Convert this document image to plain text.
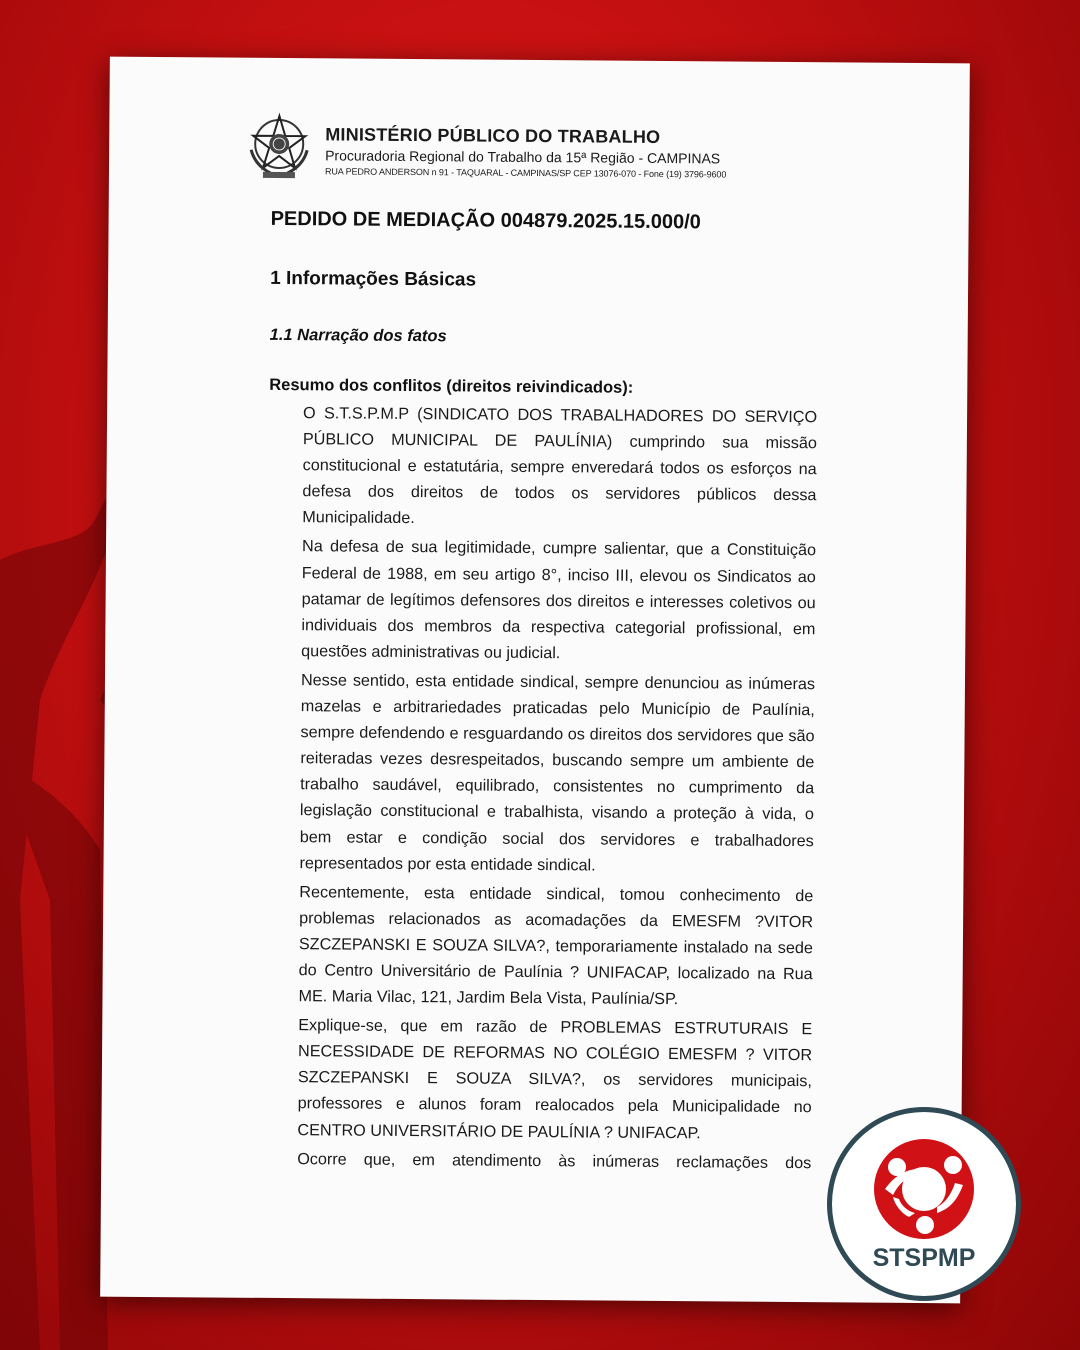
MINISTÉRIO PÚBLICO DO TRABALHO
Procuradoria Regional do Trabalho da 15ª Região - CAMPINAS
RUA PEDRO ANDERSON n 91 - TAQUARAL - CAMPINAS/SP CEP 13076-070 - Fone (19) 3796-9600
PEDIDO DE MEDIAÇÃO 004879.2025.15.000/0
1 Informações Básicas
1.1 Narração dos fatos
Resumo dos conflitos (direitos reivindicados):

O S.T.S.P.M.P (SINDICATO DOS TRABALHADORES DO SERVIÇO PÚBLICO MUNICIPAL DE PAULÍNIA) cumprindo sua missão constitucional e estatutária, sempre enveredará todos os esforços na defesa dos direitos de todos os servidores públicos dessa Municipalidade.

Na defesa de sua legitimidade, cumpre salientar, que a Constituição Federal de 1988, em seu artigo 8°, inciso III, elevou os Sindicatos ao patamar de legítimos defensores dos direitos e interesses coletivos ou individuais dos membros da respectiva categorial profissional, em questões administrativas ou judicial.

Nesse sentido, esta entidade sindical, sempre denunciou as inúmeras mazelas e arbitrariedades praticadas pelo Município de Paulínia, sempre defendendo e resguardando os direitos dos servidores que são reiteradas vezes desrespeitados, buscando sempre um ambiente de trabalho saudável, equilibrado, consistentes no cumprimento da legislação constitucional e trabalhista, visando a proteção à vida, o bem estar e condição social dos servidores e trabalhadores representados por esta entidade sindical.

Recentemente, esta entidade sindical, tomou conhecimento de problemas relacionados as acomadações da EMESFM ?VITOR SZCZEPANSKI E SOUZA SILVA?, temporariamente instalado na sede do Centro Universitário de Paulínia ? UNIFACAP, localizado na Rua ME. Maria Vilac, 121, Jardim Bela Vista, Paulínia/SP.

Explique-se, que em razão de PROBLEMAS ESTRUTURAIS E NECESSIDADE DE REFORMAS NO COLÉGIO EMESFM ? VITOR SZCZEPANSKI E SOUZA SILVA?, os servidores municipais, professores e alunos foram realocados pela Municipalidade no CENTRO UNIVERSITÁRIO DE PAULÍNIA ? UNIFACAP.

Ocorre que, em atendimento às inúmeras reclamações dos

STSPMP
